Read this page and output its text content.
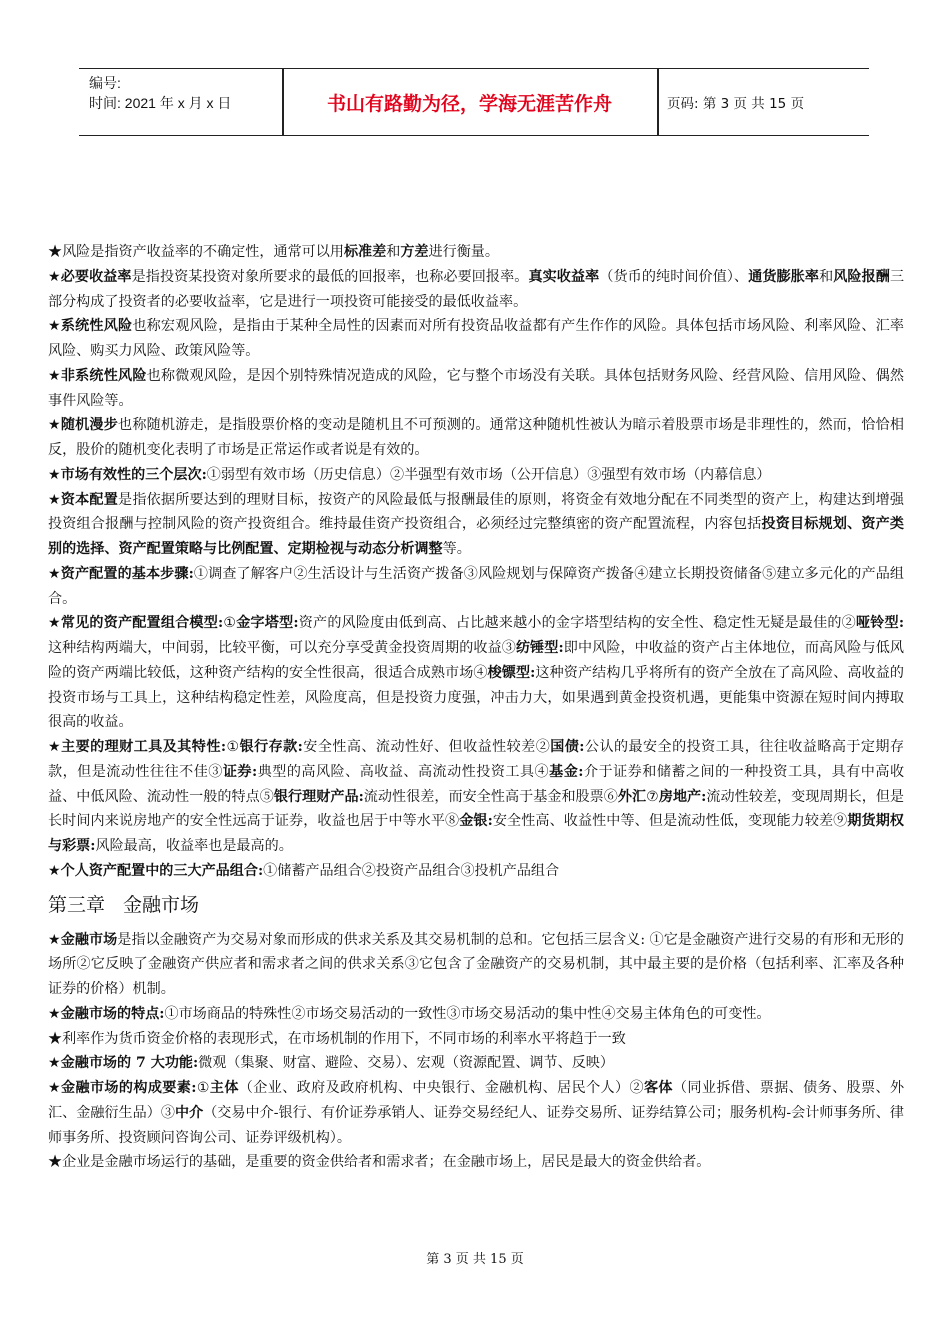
编号:
时间: 2021 年 x 月 x 日	书山有路勤为径，学海无涯苦作舟	页码: 第 3 页 共 15 页

★风险是指资产收益率的不确定性，通常可以用标准差和方差进行衡量。

★必要收益率是指投资某投资对象所要求的最低的回报率，也称必要回报率。真实收益率（货币的纯时间价值）、通货膨胀率和风险报酬三部分构成了投资者的必要收益率，它是进行一项投资可能接受的最低收益率。

★系统性风险也称宏观风险，是指由于某种全局性的因素而对所有投资品收益都有产生作作的风险。具体包括市场风险、利率风险、汇率风险、购买力风险、政策风险等。

★非系统性风险也称微观风险，是因个别特殊情况造成的风险，它与整个市场没有关联。具体包括财务风险、经营风险、信用风险、偶然事件风险等。

★随机漫步也称随机游走，是指股票价格的变动是随机且不可预测的。通常这种随机性被认为暗示着股票市场是非理性的，然而，恰恰相反，股价的随机变化表明了市场是正常运作或者说是有效的。

★市场有效性的三个层次:①弱型有效市场（历史信息）②半强型有效市场（公开信息）③强型有效市场（内幕信息）

★资本配置是指依据所要达到的理财目标，按资产的风险最低与报酬最佳的原则，将资金有效地分配在不同类型的资产上，构建达到增强投资组合报酬与控制风险的资产投资组合。维持最佳资产投资组合，必须经过完整缜密的资产配置流程，内容包括投资目标规划、资产类别的选择、资产配置策略与比例配置、定期检视与动态分析调整等。

★资产配置的基本步骤:①调查了解客户②生活设计与生活资产拨备③风险规划与保障资产拨备④建立长期投资储备⑤建立多元化的产品组合。

★常见的资产配置组合模型:①金字塔型:资产的风险度由低到高、占比越来越小的金字塔型结构的安全性、稳定性无疑是最佳的②哑铃型:这种结构两端大，中间弱，比较平衡，可以充分享受黄金投资周期的收益③纺锤型:即中风险，中收益的资产占主体地位，而高风险与低风险的资产两端比较低，这种资产结构的安全性很高，很适合成熟市场④梭镖型:这种资产结构几乎将所有的资产全放在了高风险、高收益的投资市场与工具上，这种结构稳定性差，风险度高，但是投资力度强，冲击力大，如果遇到黄金投资机遇，更能集中资源在短时间内搏取很高的收益。

★主要的理财工具及其特性:①银行存款:安全性高、流动性好、但收益性较差②国债:公认的最安全的投资工具，往往收益略高于定期存款，但是流动性往往不佳③证券:典型的高风险、高收益、高流动性投资工具④基金:介于证券和储蓄之间的一种投资工具，具有中高收益、中低风险、流动性一般的特点⑤银行理财产品:流动性很差，而安全性高于基金和股票⑥外汇⑦房地产:流动性较差，变现周期长，但是长时间内来说房地产的安全性远高于证券，收益也居于中等水平⑧金银:安全性高、收益性中等、但是流动性低，变现能力较差⑨期货期权与彩票:风险最高，收益率也是最高的。

★个人资产配置中的三大产品组合:①储蓄产品组合②投资产品组合③投机产品组合

第三章 金融市场

★金融市场是指以金融资产为交易对象而形成的供求关系及其交易机制的总和。它包括三层含义: ①它是金融资产进行交易的有形和无形的场所②它反映了金融资产供应者和需求者之间的供求关系③它包含了金融资产的交易机制，其中最主要的是价格（包括利率、汇率及各种证券的价格）机制。

★金融市场的特点:①市场商品的特殊性②市场交易活动的一致性③市场交易活动的集中性④交易主体角色的可变性。

★利率作为货币资金价格的表现形式，在市场机制的作用下，不同市场的利率水平将趋于一致

★金融市场的 7 大功能:微观（集聚、财富、避险、交易）、宏观（资源配置、调节、反映）

★金融市场的构成要素:①主体（企业、政府及政府机构、中央银行、金融机构、居民个人）②客体（同业拆借、票据、债务、股票、外汇、金融衍生品）③中介（交易中介-银行、有价证券承销人、证券交易经纪人、证券交易所、证券结算公司；服务机构-会计师事务所、律师事务所、投资顾问咨询公司、证券评级机构）。

★企业是金融市场运行的基础，是重要的资金供给者和需求者；在金融市场上，居民是最大的资金供给者。

第 3 页 共 15 页
